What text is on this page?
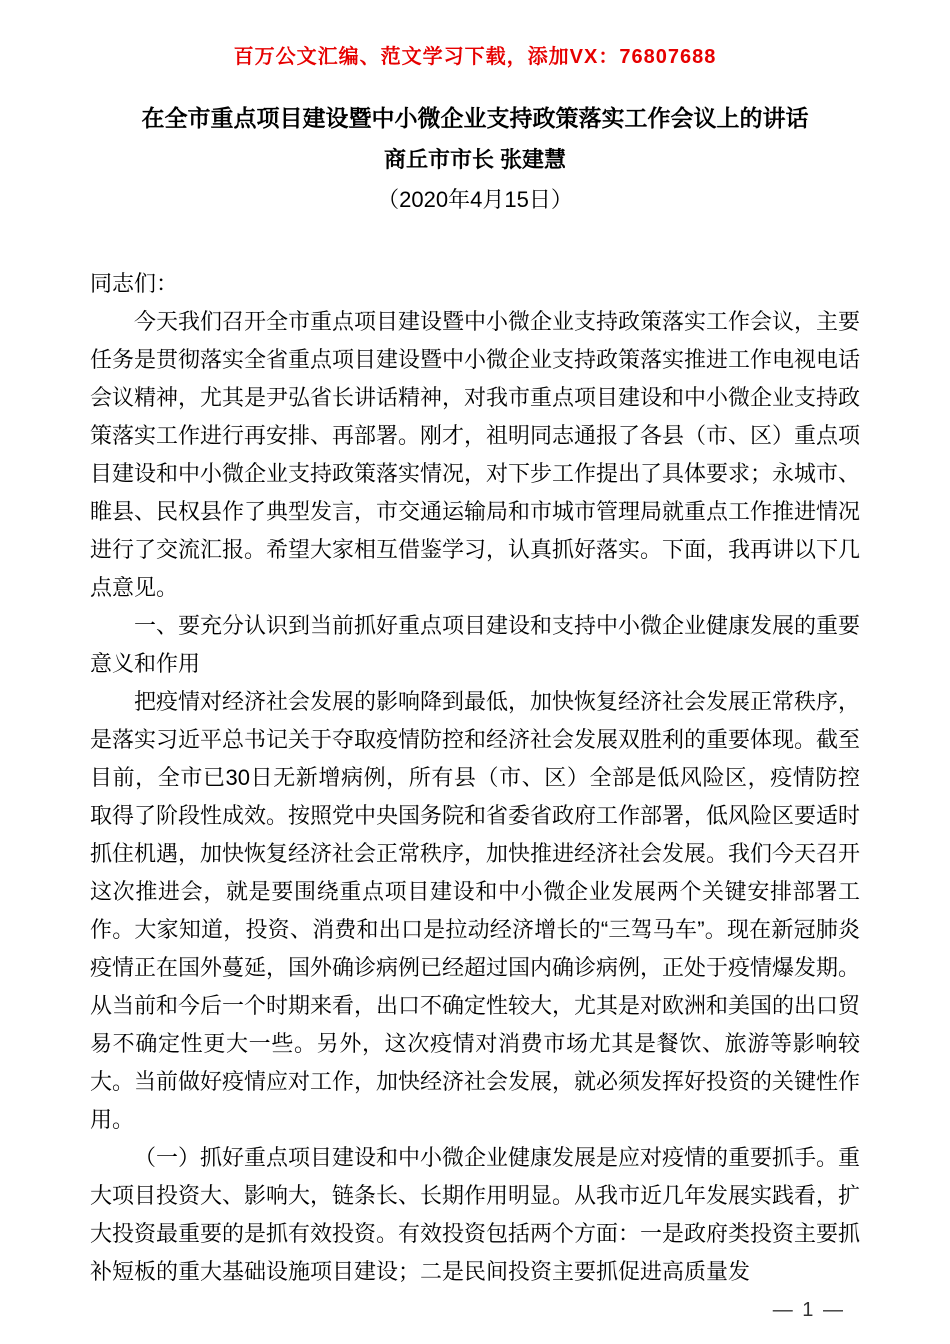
百万公文汇编、范文学习下载，添加VX：76807688
在全市重点项目建设暨中小微企业支持政策落实工作会议上的讲话
商丘市市长 张建慧
（2020年4月15日）

同志们：

今天我们召开全市重点项目建设暨中小微企业支持政策落实工作会议，主要任务是贯彻落实全省重点项目建设暨中小微企业支持政策落实推进工作电视电话会议精神，尤其是尹弘省长讲话精神，对我市重点项目建设和中小微企业支持政策落实工作进行再安排、再部署。刚才，祖明同志通报了各县（市、区）重点项目建设和中小微企业支持政策落实情况，对下步工作提出了具体要求；永城市、睢县、民权县作了典型发言，市交通运输局和市城市管理局就重点工作推进情况进行了交流汇报。希望大家相互借鉴学习，认真抓好落实。下面，我再讲以下几点意见。

一、要充分认识到当前抓好重点项目建设和支持中小微企业健康发展的重要意义和作用

把疫情对经济社会发展的影响降到最低，加快恢复经济社会发展正常秩序，是落实习近平总书记关于夺取疫情防控和经济社会发展双胜利的重要体现。截至目前，全市已30日无新增病例，所有县（市、区）全部是低风险区，疫情防控取得了阶段性成效。按照党中央国务院和省委省政府工作部署，低风险区要适时抓住机遇，加快恢复经济社会正常秩序，加快推进经济社会发展。我们今天召开这次推进会，就是要围绕重点项目建设和中小微企业发展两个关键安排部署工作。大家知道，投资、消费和出口是拉动经济增长的“三驾马车”。现在新冠肺炎疫情正在国外蔓延，国外确诊病例已经超过国内确诊病例，正处于疫情爆发期。从当前和今后一个时期来看，出口不确定性较大，尤其是对欧洲和美国的出口贸易不确定性更大一些。另外，这次疫情对消费市场尤其是餐饮、旅游等影响较大。当前做好疫情应对工作，加快经济社会发展，就必须发挥好投资的关键性作用。

（一）抓好重点项目建设和中小微企业健康发展是应对疫情的重要抓手。重大项目投资大、影响大，链条长、长期作用明显。从我市近几年发展实践看，扩大投资最重要的是抓有效投资。有效投资包括两个方面：一是政府类投资主要抓补短板的重大基础设施项目建设；二是民间投资主要抓促进高质量发

— 1 —
